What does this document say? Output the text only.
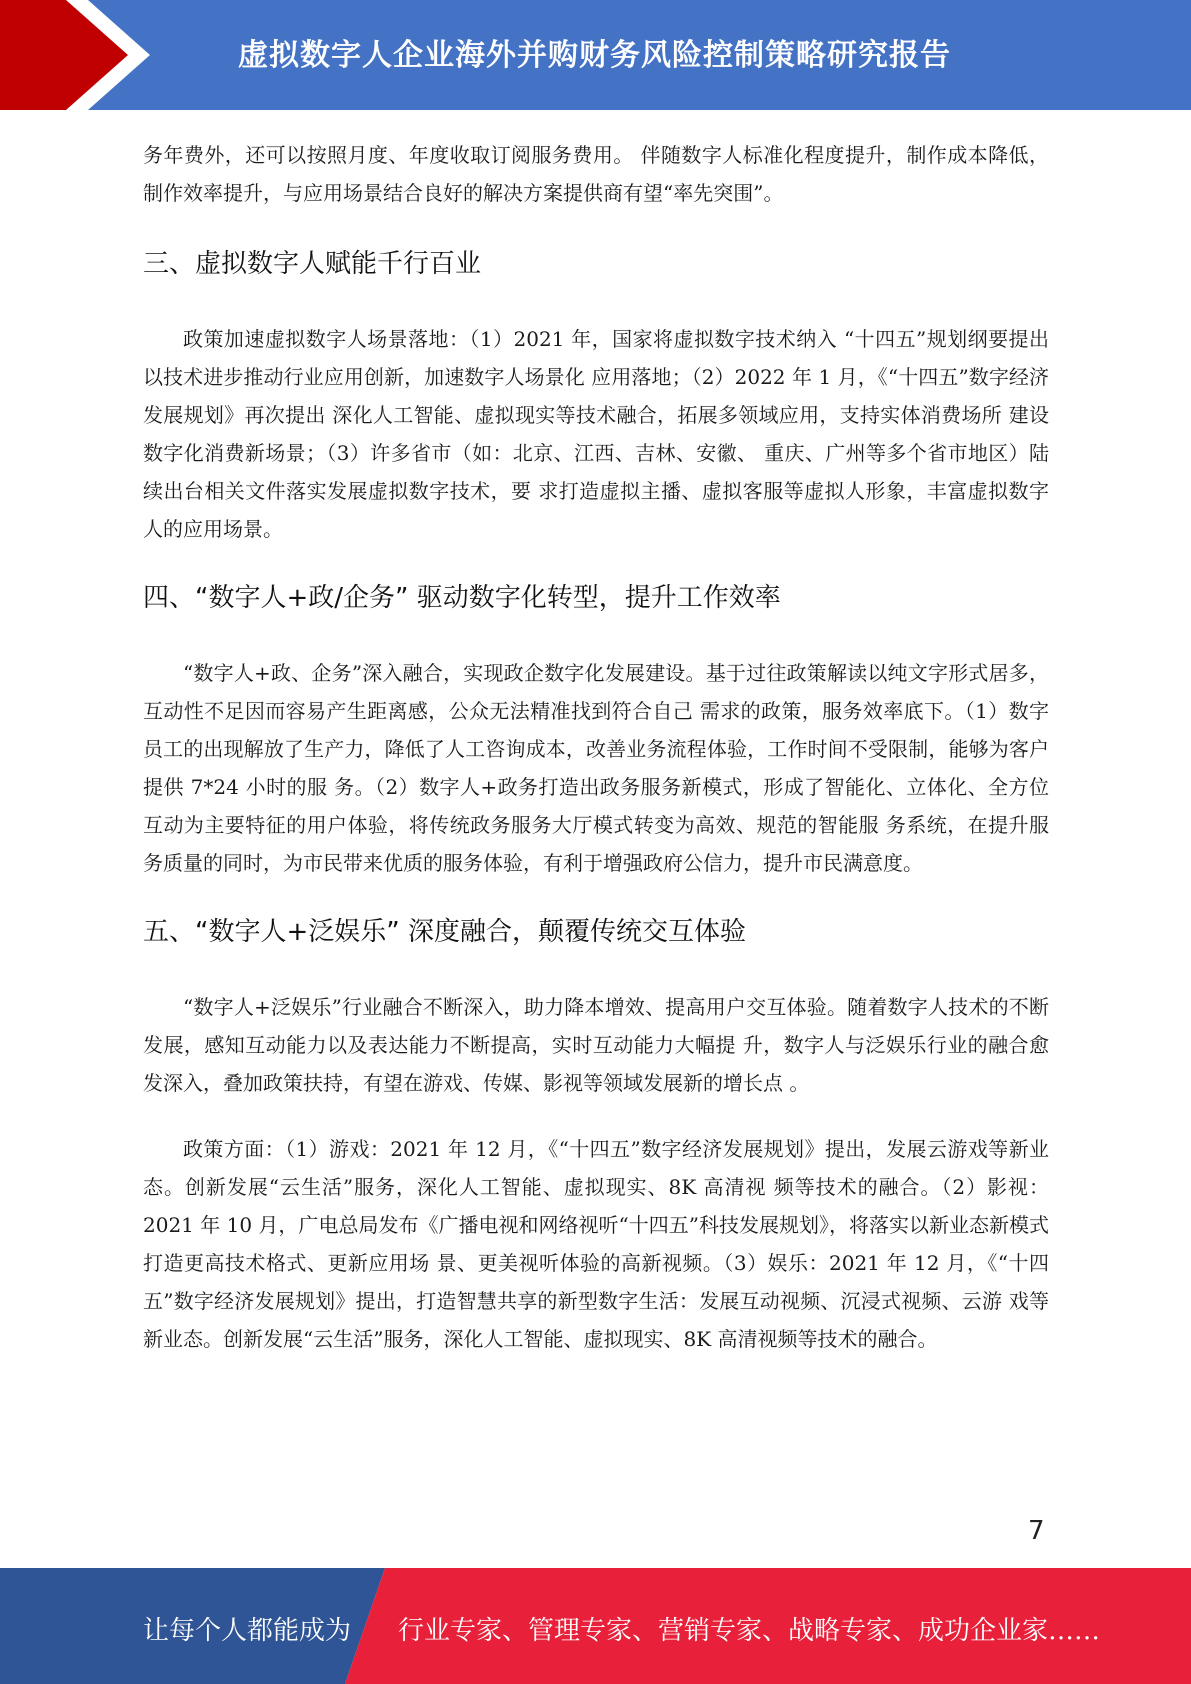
虚拟数字人企业海外并购财务风险控制策略研究报告

务年费外，还可以按照月度、年度收取订阅服务费用。 伴随数字人标准化程度提升，制作成本降低，制作效率提升，与应用场景结合良好的解决方案提供商有望“率先突围”。

三、虚拟数字人赋能千行百业

政策加速虚拟数字人场景落地：（1）2021 年，国家将虚拟数字技术纳入 “十四五”规划纲要提出以技术进步推动行业应用创新，加速数字人场景化 应用落地；（2）2022 年 1 月，《“十四五”数字经济发展规划》再次提出 深化人工智能、虚拟现实等技术融合，拓展多领域应用，支持实体消费场所 建设数字化消费新场景；（3）许多省市（如：北京、江西、吉林、安徽、 重庆、广州等多个省市地区）陆续出台相关文件落实发展虚拟数字技术，要 求打造虚拟主播、虚拟客服等虚拟人形象，丰富虚拟数字人的应用场景。

四、“数字人+政/企务” 驱动数字化转型，提升工作效率

“数字人+政、企务”深入融合，实现政企数字化发展建设。基于过往政策解读以纯文字形式居多，互动性不足因而容易产生距离感，公众无法精准找到符合自己 需求的政策，服务效率底下。（1）数字员工的出现解放了生产力，降低了人工咨询成本，改善业务流程体验，工作时间不受限制，能够为客户提供 7*24 小时的服 务。（2）数字人+政务打造出政务服务新模式，形成了智能化、立体化、全方位互动为主要特征的用户体验，将传统政务服务大厅模式转变为高效、规范的智能服 务系统，在提升服务质量的同时，为市民带来优质的服务体验，有利于增强政府公信力，提升市民满意度。

五、“数字人+泛娱乐” 深度融合，颠覆传统交互体验

“数字人+泛娱乐”行业融合不断深入，助力降本增效、提高用户交互体验。随着数字人技术的不断发展，感知互动能力以及表达能力不断提高，实时互动能力大幅提 升，数字人与泛娱乐行业的融合愈发深入，叠加政策扶持，有望在游戏、传媒、影视等领域发展新的增长点 。

政策方面：（1）游戏：2021 年 12 月，《“十四五”数字经济发展规划》提出，发展云游戏等新业态。创新发展“云生活”服务，深化人工智能、虚拟现实、8K 高清视 频等技术的融合。（2）影视：2021 年 10 月，广电总局发布《广播电视和网络视听“十四五”科技发展规划》，将落实以新业态新模式打造更高技术格式、更新应用场 景、更美视听体验的高新视频。（3）娱乐：2021 年 12 月，《“十四五”数字经济发展规划》提出，打造智慧共享的新型数字生活：发展互动视频、沉浸式视频、云游 戏等新业态。创新发展“云生活”服务，深化人工智能、虚拟现实、8K 高清视频等技术的融合。

7
让每个人都能成为 行业专家、管理专家、营销专家、战略专家、成功企业家……
